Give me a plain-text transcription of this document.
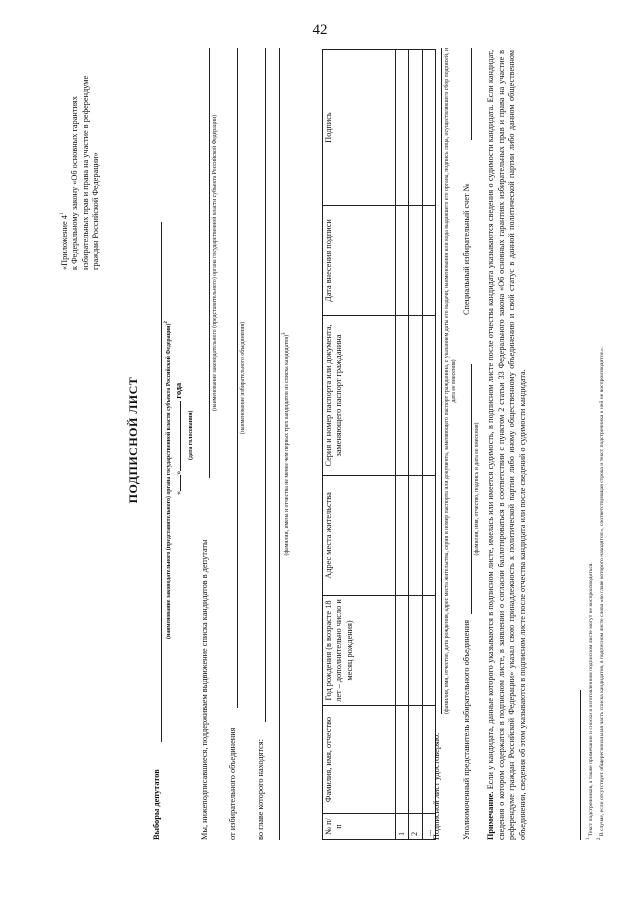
42
«Приложение $4^1$ к Федеральному закону «Об основных гарантиях избирательных прав и права на участие в референдуме граждан Российской Федерации»
ПОДПИСНОЙ ЛИСТ
Выборы депутатов
(наименование законодательного (представительного) органа государственной власти субъекта Российской Федерации)$^2$
«» года
(дата голосования)
Мы, нижеподписавшиеся, поддерживаем выдвижение списка кандидатов в депутаты
(наименование законодательного (представительного) органа государственной власти субъекта Российской Федерации)
от избирательного объединения
(наименование избирательного объединения)
во главе которого находятся:
(фамилии, имена и отчества не менее чем первых трех кандидатов из списка кандидатов)$^3$
№ п/п	Фамилия, имя, отчество	Год рождения (в возрасте 18 лет – дополнительно число и месяц рождения)	Адрес места жительства	Серия и номер паспорта или документа, заменяющего паспорт гражданина	Дата внесения подписи	Подпись
1						
2						
...						Подписной лист удостоверяю:
(фамилия, имя, отчество, дата рождения, адрес места жительства, серия и номер паспорта или документа, заменяющего паспорт гражданина, с указанием даты его выдачи, наименования или кода выдавшего его органа, подпись лица, осуществлявшего сбор подписей, и дата ее внесения)
Уполномоченный представитель избирательного объединения
(фамилия, имя, отчество, подпись и дата ее внесения)
Специальный избирательный счет №
Примечание. Если у кандидата, данные которого указываются в подписном листе, имелась или имеется судимость, в подписном листе после отчества кандидата указываются сведения о судимости кандидата. Если кандидат, сведения о котором содержатся в подписном листе, в заявлении о согласии баллотироваться в соответствии с пунктом 2 статьи 33 Федерального закона «Об основных гарантиях избирательных прав и права на участие в референдуме граждан Российской Федерации» указал свою принадлежность к политической партии либо иному общественному объединению и свой статус в данной политической партии либо данном общественном объединении, сведения об этом указываются в подписном листе после отчества кандидата или после сведений о судимости кандидата.	$^1$ Текст подстрочников, а также примечание и сноски в изготовленном подписном листе могут не воспроизводиться.
$^2$ В случае, если отсутствует общерегиональная часть списка кандидатов, в подписном листе слова «во главе которого находятся:», соответствующая строка и текст подстрочника к ней не воспроизводятся.».
